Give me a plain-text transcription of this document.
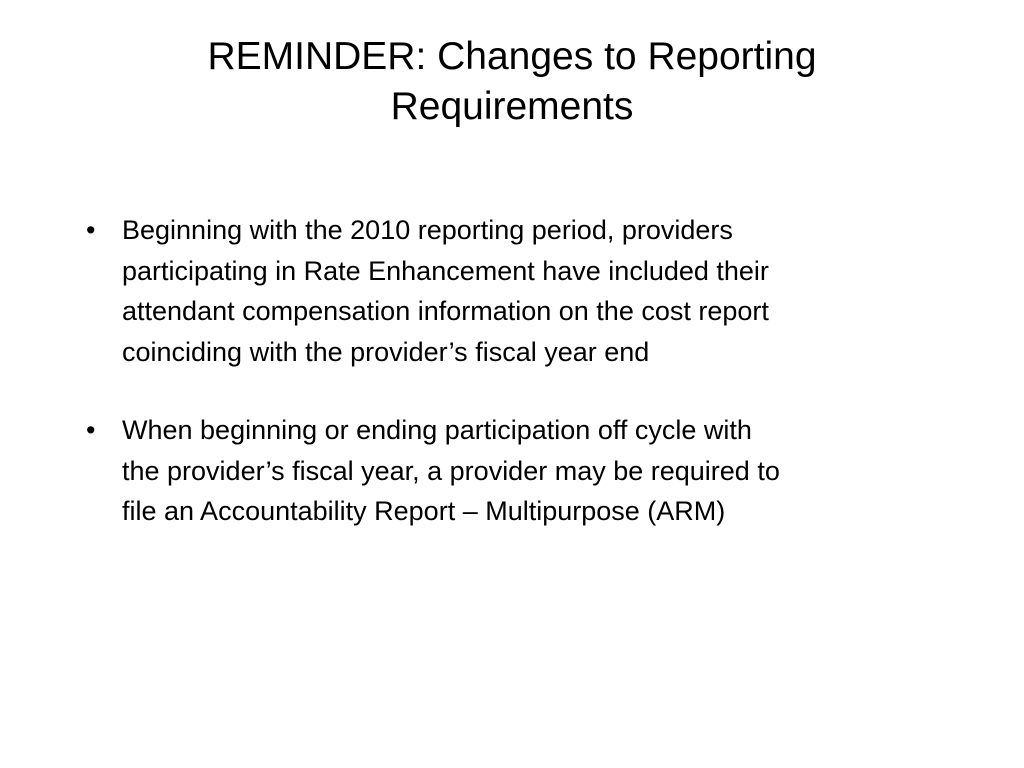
REMINDER: Changes to Reporting
Requirements
• Beginning with the 2010 reporting period, providers
participating in Rate Enhancement have included their
attendant compensation information on the cost report
coinciding with the provider’s fiscal year end
• When beginning or ending participation off cycle with
the provider’s fiscal year, a provider may be required to
file an Accountability Report – Multipurpose (ARM)
